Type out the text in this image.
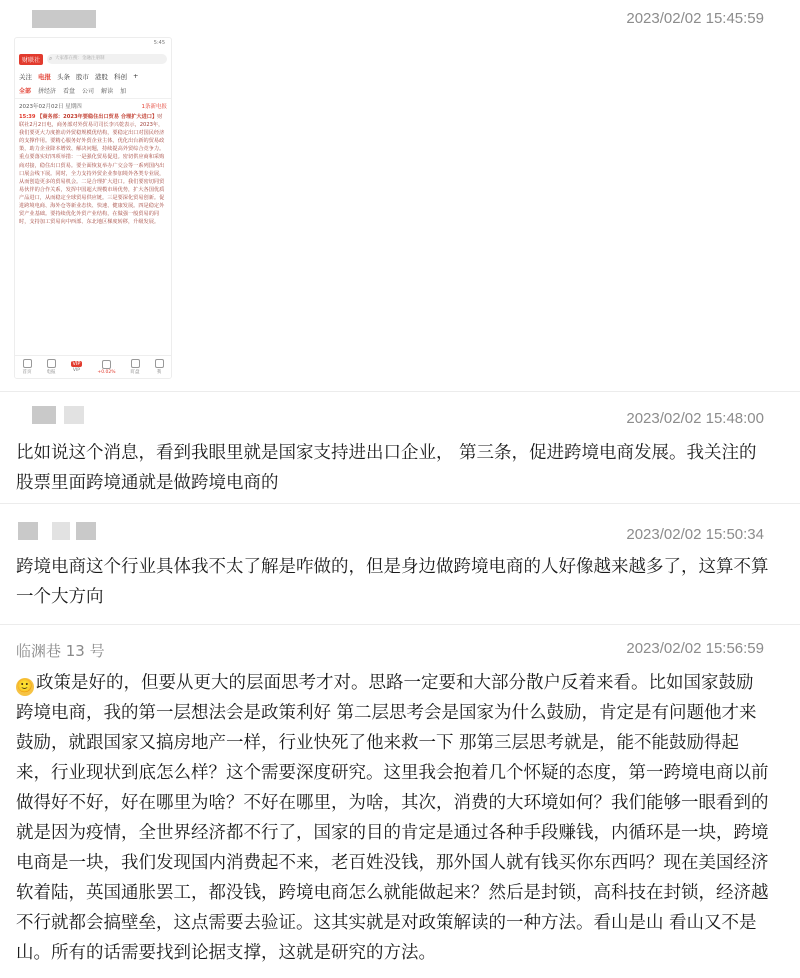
2023/02/02 15:45:59
5:45
财联社	⌕ 大家都在搜：金融注册制
关注 电报 头条 股市 港股 科创 +
全部 拼经济 看盘 公司 解读 加
2023年02月02日 星期四	1条新电报
15:39 【商务部：2023年要稳住出口贸易 合理扩大进口】财联社2月2日电，商务部对外贸易司司长李兴乾表示，2023年，我们要更大力度推动外贸稳规模优结构，要稳定出口对国民经济的支撑作用。要精心服务好外贸企业主体，优化出台新的贸易政策，助力企业降本增效、解决问题，持续提高外贸综合竞争力。重点要落实好四项举措：一是强化贸易促进。密切供应商和采购商对接，稳住出口贸易。要全面恢复举办广交会等一系列国内出口展会线下展。同时，全力支持外贸企业参加境外各类专业展，从而创造更多的贸易机会。二是合理扩大进口。我们要密切同贸易伙伴的合作关系，发挥中国超大规模市场优势，扩大各国优质产品进口，从而稳定全球贸易供应链。三是要深化贸易创新。促进跨境电商、海外仓等新业态快、快速、健康发展。四是稳定外贸产业基础。要持续优化外贸产业结构，在做强一般贸易的同时，支持加工贸易向中西部、东北地区梯度转移，升级发展。
首页	电报
VIP
VIP	+0.02%	盯盘	我
2023/02/02 15:48:00
比如说这个消息，看到我眼里就是国家支持进出口企业， 第三条，促进跨境电商发展。我关注的股票里面跨境通就是做跨境电商的
2023/02/02 15:50:34
跨境电商这个行业具体我不太了解是咋做的，但是身边做跨境电商的人好像越来越多了，这算不算一个大方向
临渊巷 13 号	2023/02/02 15:56:59
🙂 政策是好的，但要从更大的层面思考才对。思路一定要和大部分散户反着来看。比如国家鼓励跨境电商，我的第一层想法会是政策利好 第二层思考会是国家为什么鼓励，肯定是有问题他才来鼓励，就跟国家又搞房地产一样，行业快死了他来救一下 那第三层思考就是，能不能鼓励得起来，行业现状到底怎么样？这个需要深度研究。这里我会抱着几个怀疑的态度，第一跨境电商以前做得好不好，好在哪里为啥？不好在哪里，为啥，其次，消费的大环境如何？我们能够一眼看到的就是因为疫情，全世界经济都不行了，国家的目的肯定是通过各种手段赚钱，内循环是一块，跨境电商是一块，我们发现国内消费起不来，老百姓没钱，那外国人就有钱买你东西吗？现在美国经济软着陆，英国通胀罢工，都没钱，跨境电商怎么就能做起来？然后是封锁，高科技在封锁，经济越不行就都会搞壁垒，这点需要去验证。这其实就是对政策解读的一种方法。看山是山 看山又不是山。所有的话需要找到论据支撑，这就是研究的方法。
